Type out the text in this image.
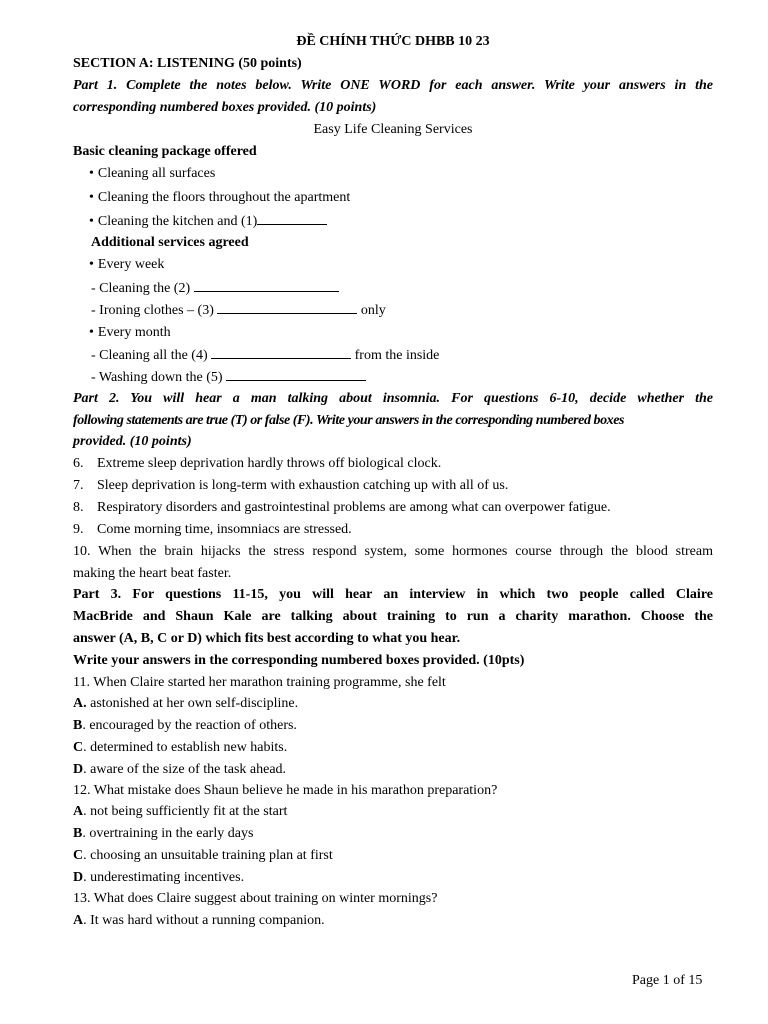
ĐỀ CHÍNH THỨC DHBB 10 23
SECTION A: LISTENING (50 points)
Part 1. Complete the notes below. Write ONE WORD for each answer. Write your answers in the
corresponding numbered boxes provided. (10 points)
Easy Life Cleaning Services
Basic cleaning package offered
• Cleaning all surfaces
• Cleaning the floors throughout the apartment
• Cleaning the kitchen and (1)
Additional services agreed
• Every week
- Cleaning the (2)
- Ironing clothes – (3)	only
• Every month
- Cleaning all the (4)	from the inside
- Washing down the (5)
Part 2. You will hear a man talking about insomnia. For questions 6-10, decide whether the
following statements are true (T) or false (F). Write your answers in the corresponding numbered boxes
provided. (10 points)
6. Extreme sleep deprivation hardly throws off biological clock.
7. Sleep deprivation is long-term with exhaustion catching up with all of us.
8. Respiratory disorders and gastrointestinal problems are among what can overpower fatigue.
9. Come morning time, insomniacs are stressed.
10. When the brain hijacks the stress respond system, some hormones course through the blood stream
making the heart beat faster.
Part 3. For questions 11-15, you will hear an interview in which two people called Claire
MacBride and Shaun Kale are talking about training to run a charity marathon. Choose the
answer (A, B, C or D) which fits best according to what you hear.
Write your answers in the corresponding numbered boxes provided. (10pts)
11. When Claire started her marathon training programme, she felt
A. astonished at her own self-discipline.
B. encouraged by the reaction of others.
C. determined to establish new habits.
D. aware of the size of the task ahead.
12. What mistake does Shaun believe he made in his marathon preparation?
A. not being sufficiently fit at the start
B. overtraining in the early days
C. choosing an unsuitable training plan at first
D. underestimating incentives.
13. What does Claire suggest about training on winter mornings?
A. It was hard without a running companion.
Page 1 of 15
